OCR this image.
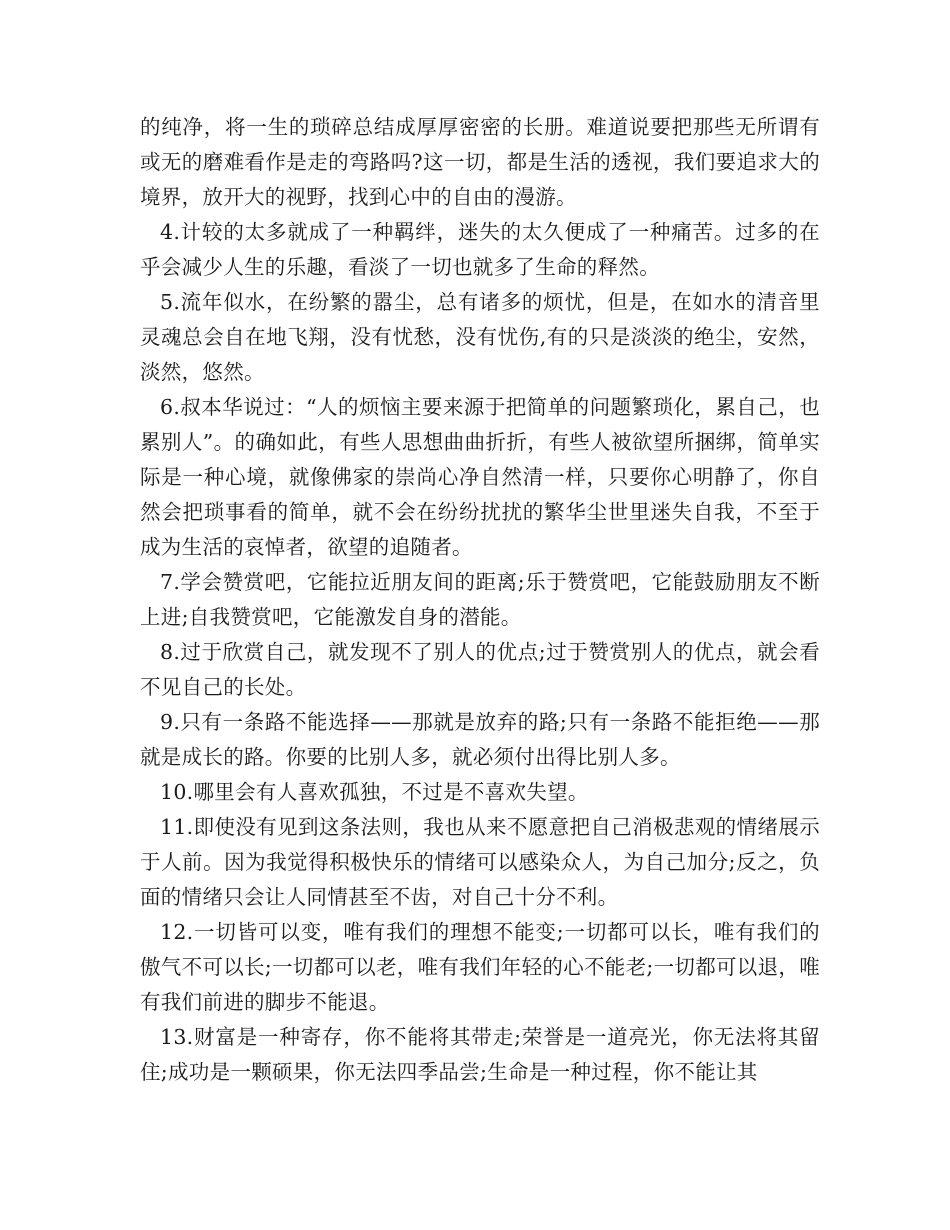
的纯净，将一生的琐碎总结成厚厚密密的长册。难道说要把那些无所谓有或无的磨难看作是走的弯路吗?这一切，都是生活的透视，我们要追求大的境界，放开大的视野，找到心中的自由的漫游。

4.计较的太多就成了一种羁绊，迷失的太久便成了一种痛苦。过多的在乎会减少人生的乐趣，看淡了一切也就多了生命的释然。

5.流年似水，在纷繁的嚣尘，总有诸多的烦忧，但是，在如水的清音里灵魂总会自在地飞翔，没有忧愁，没有忧伤,有的只是淡淡的绝尘，安然，淡然，悠然。

6.叔本华说过：“人的烦恼主要来源于把简单的问题繁琐化，累自己，也累别人”。的确如此，有些人思想曲曲折折，有些人被欲望所捆绑，简单实际是一种心境，就像佛家的崇尚心净自然清一样，只要你心明静了，你自然会把琐事看的简单，就不会在纷纷扰扰的繁华尘世里迷失自我，不至于成为生活的哀悼者，欲望的追随者。

7.学会赞赏吧，它能拉近朋友间的距离;乐于赞赏吧，它能鼓励朋友不断上进;自我赞赏吧，它能激发自身的潜能。

8.过于欣赏自己，就发现不了别人的优点;过于赞赏别人的优点，就会看不见自己的长处。

9.只有一条路不能选择——那就是放弃的路;只有一条路不能拒绝——那就是成长的路。你要的比别人多，就必须付出得比别人多。

10.哪里会有人喜欢孤独，不过是不喜欢失望。

11.即使没有见到这条法则，我也从来不愿意把自己消极悲观的情绪展示于人前。因为我觉得积极快乐的情绪可以感染众人，为自己加分;反之，负面的情绪只会让人同情甚至不齿，对自己十分不利。

12.一切皆可以变，唯有我们的理想不能变;一切都可以长，唯有我们的傲气不可以长;一切都可以老，唯有我们年轻的心不能老;一切都可以退，唯有我们前进的脚步不能退。

13.财富是一种寄存，你不能将其带走;荣誉是一道亮光，你无法将其留住;成功是一颗硕果，你无法四季品尝;生命是一种过程，你不能让其
